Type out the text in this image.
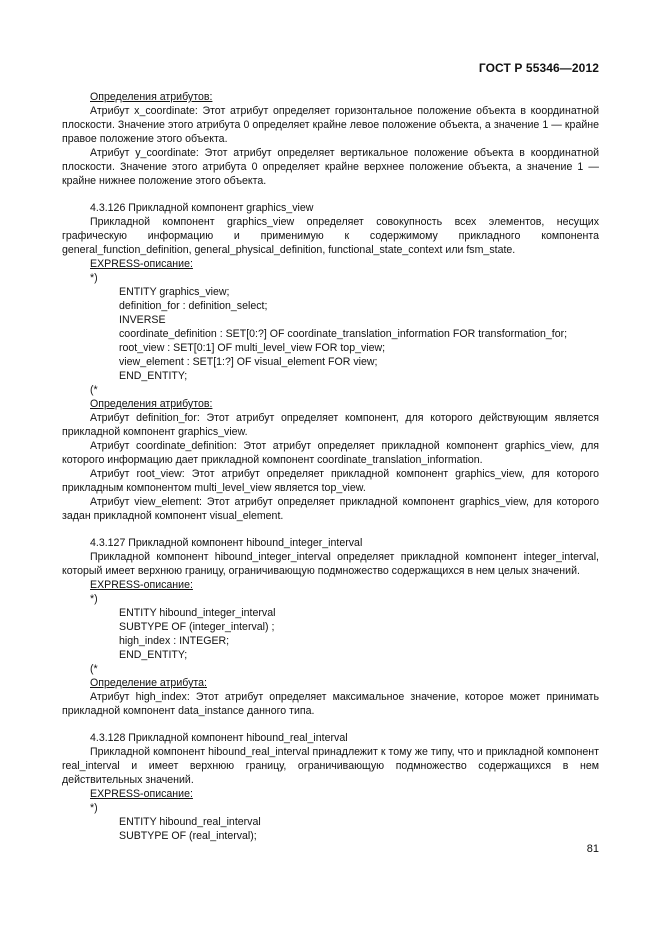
ГОСТ Р 55346—2012

Определения атрибутов:

Атрибут x_coordinate: Этот атрибут определяет горизонтальное положение объекта в координатной плоскости. Значение этого атрибута 0 определяет крайне левое положение объекта, а значение 1 — крайне правое положение этого объекта.

Атрибут y_coordinate: Этот атрибут определяет вертикальное положение объекта в координатной плоскости. Значение этого атрибута 0 определяет крайне верхнее положение объекта, а значение 1 — крайне нижнее положение этого объекта.

4.3.126 Прикладной компонент graphics_view

Прикладной компонент graphics_view определяет совокупность всех элементов, несущих графическую информацию и применимую к содержимому прикладного компонента general_function_definition, general_physical_definition, functional_state_context или fsm_state.

EXPRESS-описание:

*)

ENTITY graphics_view;

definition_for : definition_select;

INVERSE

coordinate_definition : SET[0:?] OF coordinate_translation_information FOR transformation_for;

root_view : SET[0:1] OF multi_level_view FOR top_view;

view_element : SET[1:?] OF visual_element FOR view;

END_ENTITY;

(*

Определения атрибутов:

Атрибут definition_for: Этот атрибут определяет компонент, для которого действующим является прикладной компонент graphics_view.

Атрибут coordinate_definition: Этот атрибут определяет прикладной компонент graphics_view, для которого информацию дает прикладной компонент coordinate_translation_information.

Атрибут root_view: Этот атрибут определяет прикладной компонент graphics_view, для которого прикладным компонентом multi_level_view является top_view.

Атрибут view_element: Этот атрибут определяет прикладной компонент graphics_view, для которого задан прикладной компонент visual_element.

4.3.127 Прикладной компонент hibound_integer_interval

Прикладной компонент hibound_integer_interval определяет прикладной компонент integer_interval, который имеет верхнюю границу, ограничивающую подмножество содержащихся в нем целых значений.

EXPRESS-описание:

*)

ENTITY hibound_integer_interval

SUBTYPE OF (integer_interval) ;

high_index : INTEGER;

END_ENTITY;

(*

Определение атрибута:

Атрибут high_index: Этот атрибут определяет максимальное значение, которое может принимать прикладной компонент data_instance данного типа.

4.3.128 Прикладной компонент hibound_real_interval

Прикладной компонент hibound_real_interval принадлежит к тому же типу, что и прикладной компонент real_interval и имеет верхнюю границу, ограничивающую подмножество содержащихся в нем действительных значений.

EXPRESS-описание:

*)

ENTITY hibound_real_interval

SUBTYPE OF (real_interval);

81
